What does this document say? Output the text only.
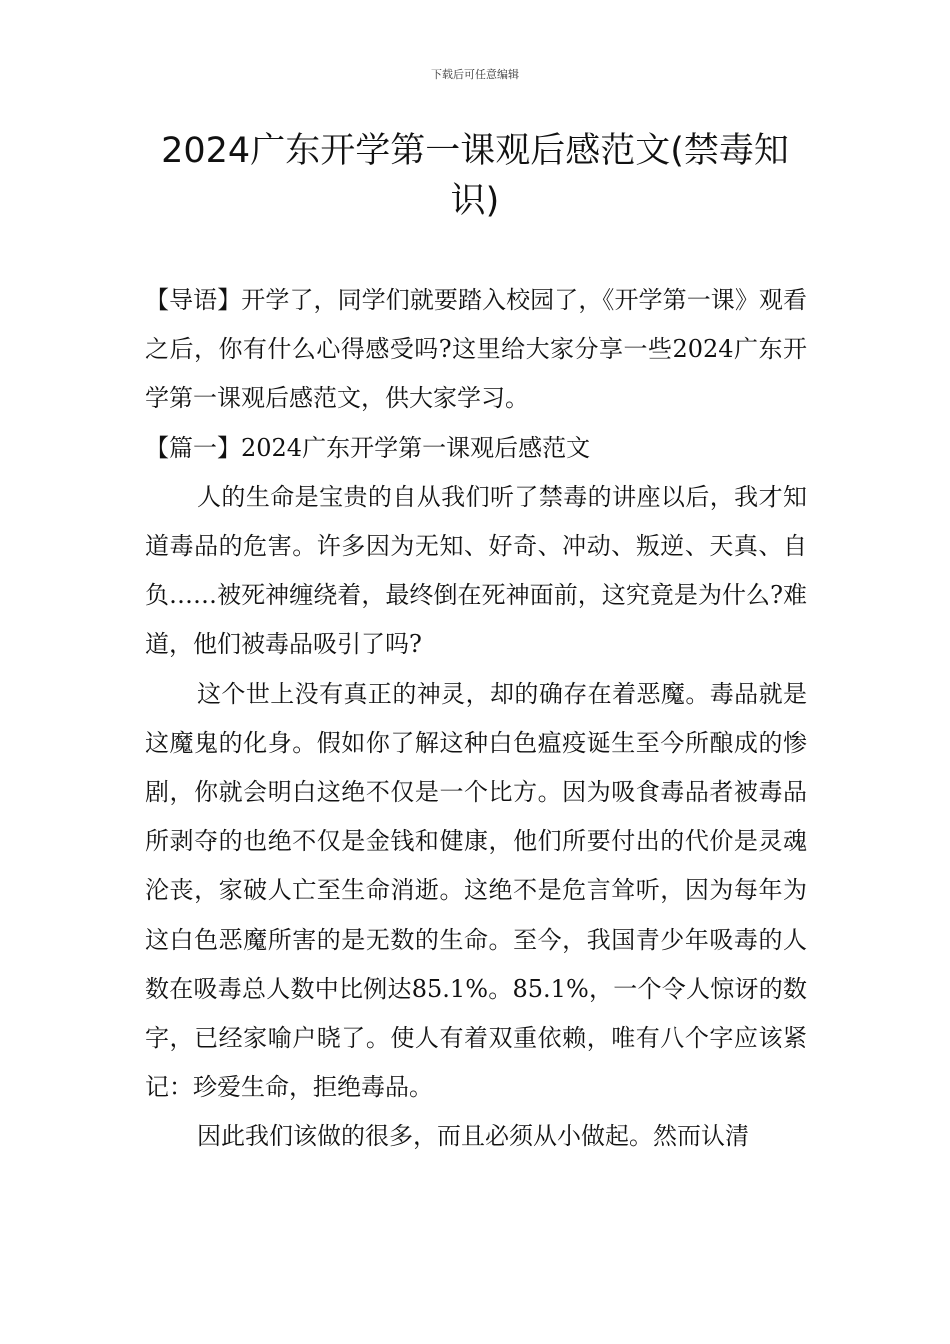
下载后可任意编辑
2024广东开学第一课观后感范文(禁毒知识)

【导语】开学了，同学们就要踏入校园了，《开学第一课》观看之后，你有什么心得感受吗?这里给大家分享一些2024广东开学第一课观后感范文，供大家学习。

【篇一】2024广东开学第一课观后感范文

人的生命是宝贵的自从我们听了禁毒的讲座以后，我才知道毒品的危害。许多因为无知、好奇、冲动、叛逆、天真、自负……被死神缠绕着，最终倒在死神面前，这究竟是为什么?难道，他们被毒品吸引了吗?

这个世上没有真正的神灵，却的确存在着恶魔。毒品就是这魔鬼的化身。假如你了解这种白色瘟疫诞生至今所酿成的惨剧，你就会明白这绝不仅是一个比方。因为吸食毒品者被毒品所剥夺的也绝不仅是金钱和健康，他们所要付出的代价是灵魂沦丧，家破人亡至生命消逝。这绝不是危言耸听，因为每年为这白色恶魔所害的是无数的生命。至今，我国青少年吸毒的人数在吸毒总人数中比例达85.1%。85.1%，一个令人惊讶的数字，已经家喻户晓了。使人有着双重依赖，唯有八个字应该紧记：珍爱生命，拒绝毒品。

因此我们该做的很多，而且必须从小做起。然而认清
